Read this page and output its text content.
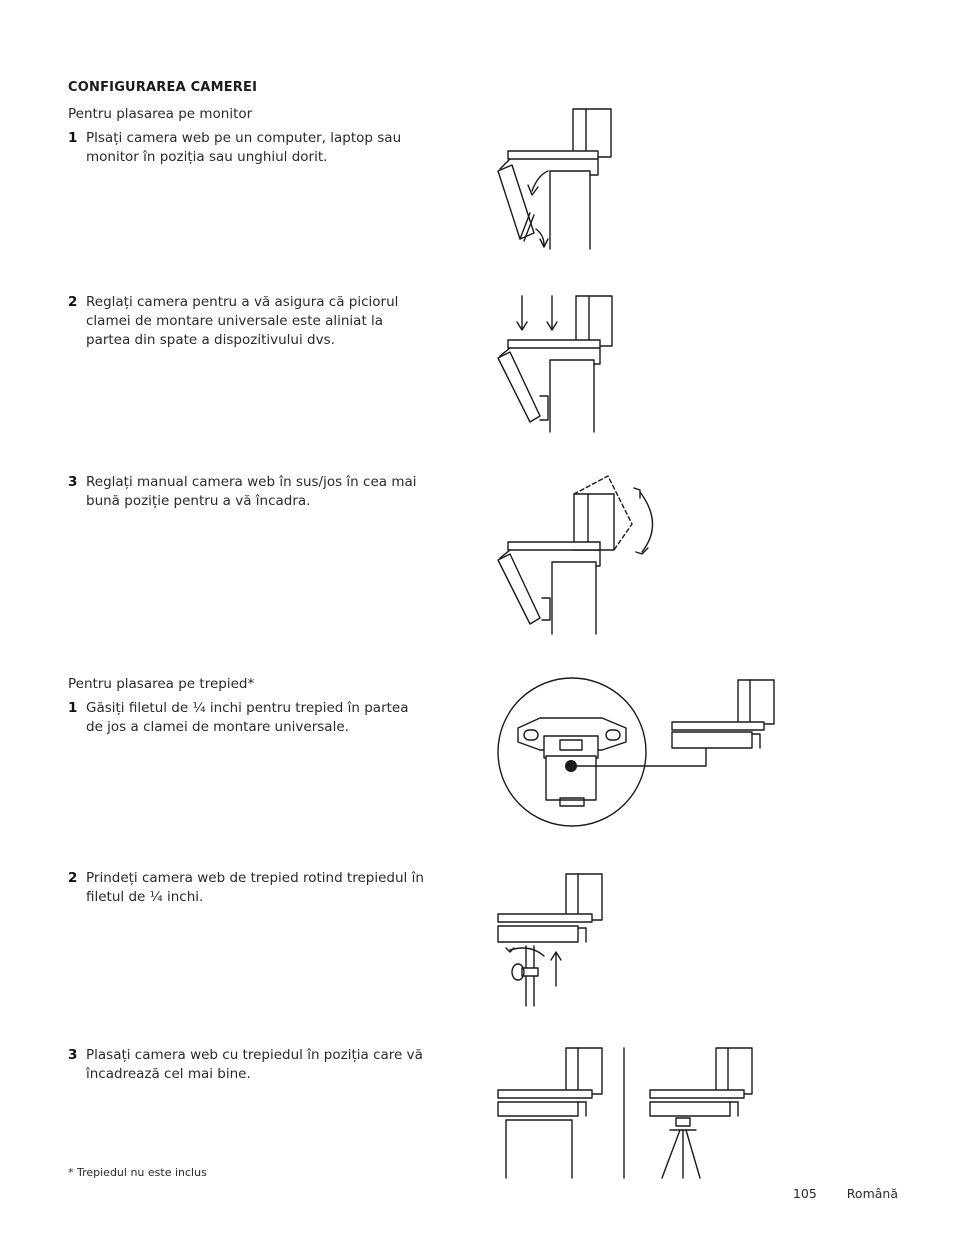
CONFIGURAREA CAMEREI
Pentru plasarea pe monitor
1 Plsați camera web pe un computer, laptop sau monitor în poziția sau unghiul dorit.
2 Reglați camera pentru a vă asigura că piciorul clamei de montare universale este aliniat la partea din spate a dispozitivului dvs.
3 Reglați manual camera web în sus/jos în cea mai bună poziție pentru a vă încadra.
Pentru plasarea pe trepied*
1 Găsiți filetul de ¼ inchi pentru trepied în partea de jos a clamei de montare universale.
2 Prindeți camera web de trepied rotind trepiedul în filetul de ¼ inchi.
3 Plasați camera web cu trepiedul în poziția care vă încadrează cel mai bine.
* Trepiedul nu este inclus
105 Română
